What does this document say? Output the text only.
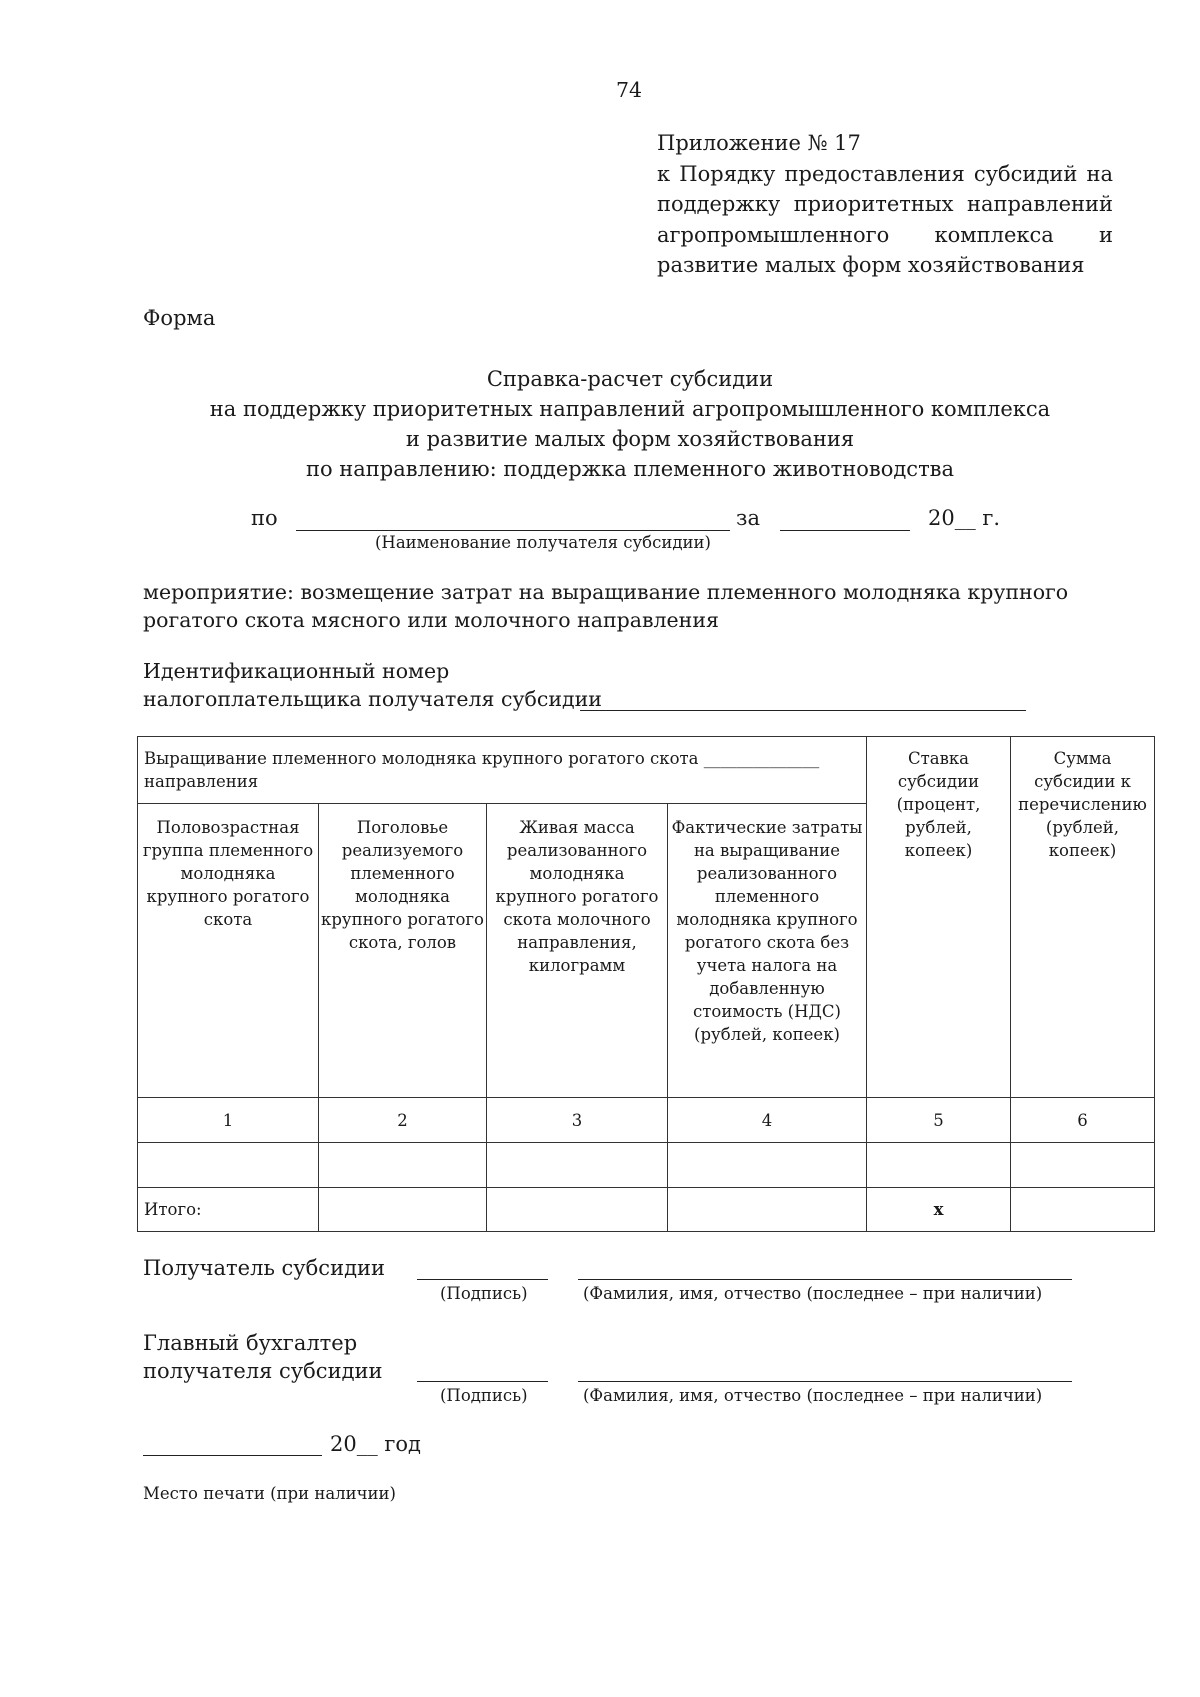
74
Приложение № 17
к Порядку предоставления субсидий на
поддержку приоритетных направлений
агропромышленного комплекса и
развитие малых форм хозяйствования
Форма
Справка-расчет субсидии
на поддержку приоритетных направлений агропромышленного комплекса
и развитие малых форм хозяйствования
по направлению: поддержка племенного животноводства
по	за	20__ г.
(Наименование получателя субсидии)
мероприятие: возмещение затрат на выращивание племенного молодняка крупного
рогатого скота мясного или молочного направления
Идентификационный номер
налогоплательщика получателя субсидии
Выращивание племенного молодняка крупного рогатого скота ______________ направления				Ставка субсидии (процент, рублей, копеек)	Сумма субсидии к перечислению (рублей, копеек)
Половозрастная группа племенного молодняка крупного рогатого скота	Поголовье реализуемого племенного молодняка крупного рогатого скота, голов	Живая масса реализованного молодняка крупного рогатого скота молочного направления, килограмм	Фактические затраты на выращивание реализованного племенного молодняка крупного рогатого скота без учета налога на добавленную стоимость (НДС) (рублей, копеек)		
1	2	3	4	5	6

Итого:				x	
Получатель субсидии
(Подпись)	(Фамилия, имя, отчество (последнее – при наличии)
Главный бухгалтер
получателя субсидии
(Подпись)	(Фамилия, имя, отчество (последнее – при наличии)
20__ год
Место печати (при наличии)
